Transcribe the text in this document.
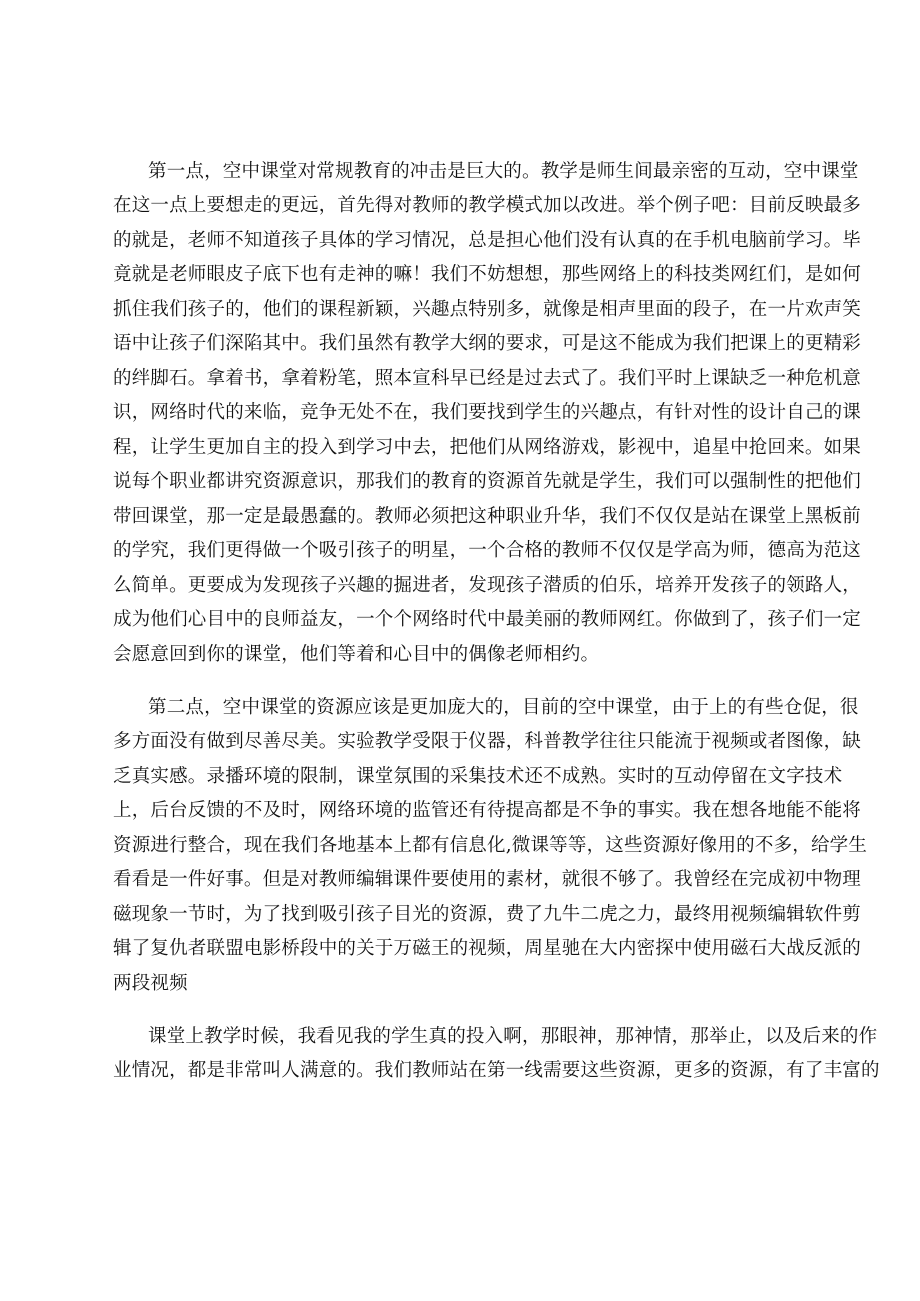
第一点，空中课堂对常规教育的冲击是巨大的。教学是师生间最亲密的互动，空中课堂
在这一点上要想走的更远，首先得对教师的教学模式加以改进。举个例子吧：目前反映最多
的就是，老师不知道孩子具体的学习情况，总是担心他们没有认真的在手机电脑前学习。毕
竟就是老师眼皮子底下也有走神的嘛！我们不妨想想，那些网络上的科技类网红们，是如何
抓住我们孩子的，他们的课程新颖，兴趣点特别多，就像是相声里面的段子，在一片欢声笑
语中让孩子们深陷其中。我们虽然有教学大纲的要求，可是这不能成为我们把课上的更精彩
的绊脚石。拿着书，拿着粉笔，照本宣科早已经是过去式了。我们平时上课缺乏一种危机意
识，网络时代的来临，竞争无处不在，我们要找到学生的兴趣点，有针对性的设计自己的课
程，让学生更加自主的投入到学习中去，把他们从网络游戏，影视中，追星中抢回来。如果
说每个职业都讲究资源意识，那我们的教育的资源首先就是学生，我们可以强制性的把他们
带回课堂，那一定是最愚蠢的。教师必须把这种职业升华，我们不仅仅是站在课堂上黑板前
的学究，我们更得做一个吸引孩子的明星，一个合格的教师不仅仅是学高为师，德高为范这
么简单。更要成为发现孩子兴趣的掘进者，发现孩子潜质的伯乐，培养开发孩子的领路人，
成为他们心目中的良师益友，一个个网络时代中最美丽的教师网红。你做到了，孩子们一定
会愿意回到你的课堂，他们等着和心目中的偶像老师相约。
第二点，空中课堂的资源应该是更加庞大的，目前的空中课堂，由于上的有些仓促，很
多方面没有做到尽善尽美。实验教学受限于仪器，科普教学往往只能流于视频或者图像，缺
乏真实感。录播环境的限制，课堂氛围的采集技术还不成熟。实时的互动停留在文字技术
上，后台反馈的不及时，网络环境的监管还有待提高都是不争的事实。我在想各地能不能将
资源进行整合，现在我们各地基本上都有信息化,微课等等，这些资源好像用的不多，给学生
看看是一件好事。但是对教师编辑课件要使用的素材，就很不够了。我曾经在完成初中物理
磁现象一节时，为了找到吸引孩子目光的资源，费了九牛二虎之力，最终用视频编辑软件剪
辑了复仇者联盟电影桥段中的关于万磁王的视频，周星驰在大内密探中使用磁石大战反派的
两段视频
课堂上教学时候，我看见我的学生真的投入啊，那眼神，那神情，那举止，以及后来的作
业情况，都是非常叫人满意的。我们教师站在第一线需要这些资源，更多的资源，有了丰富的
